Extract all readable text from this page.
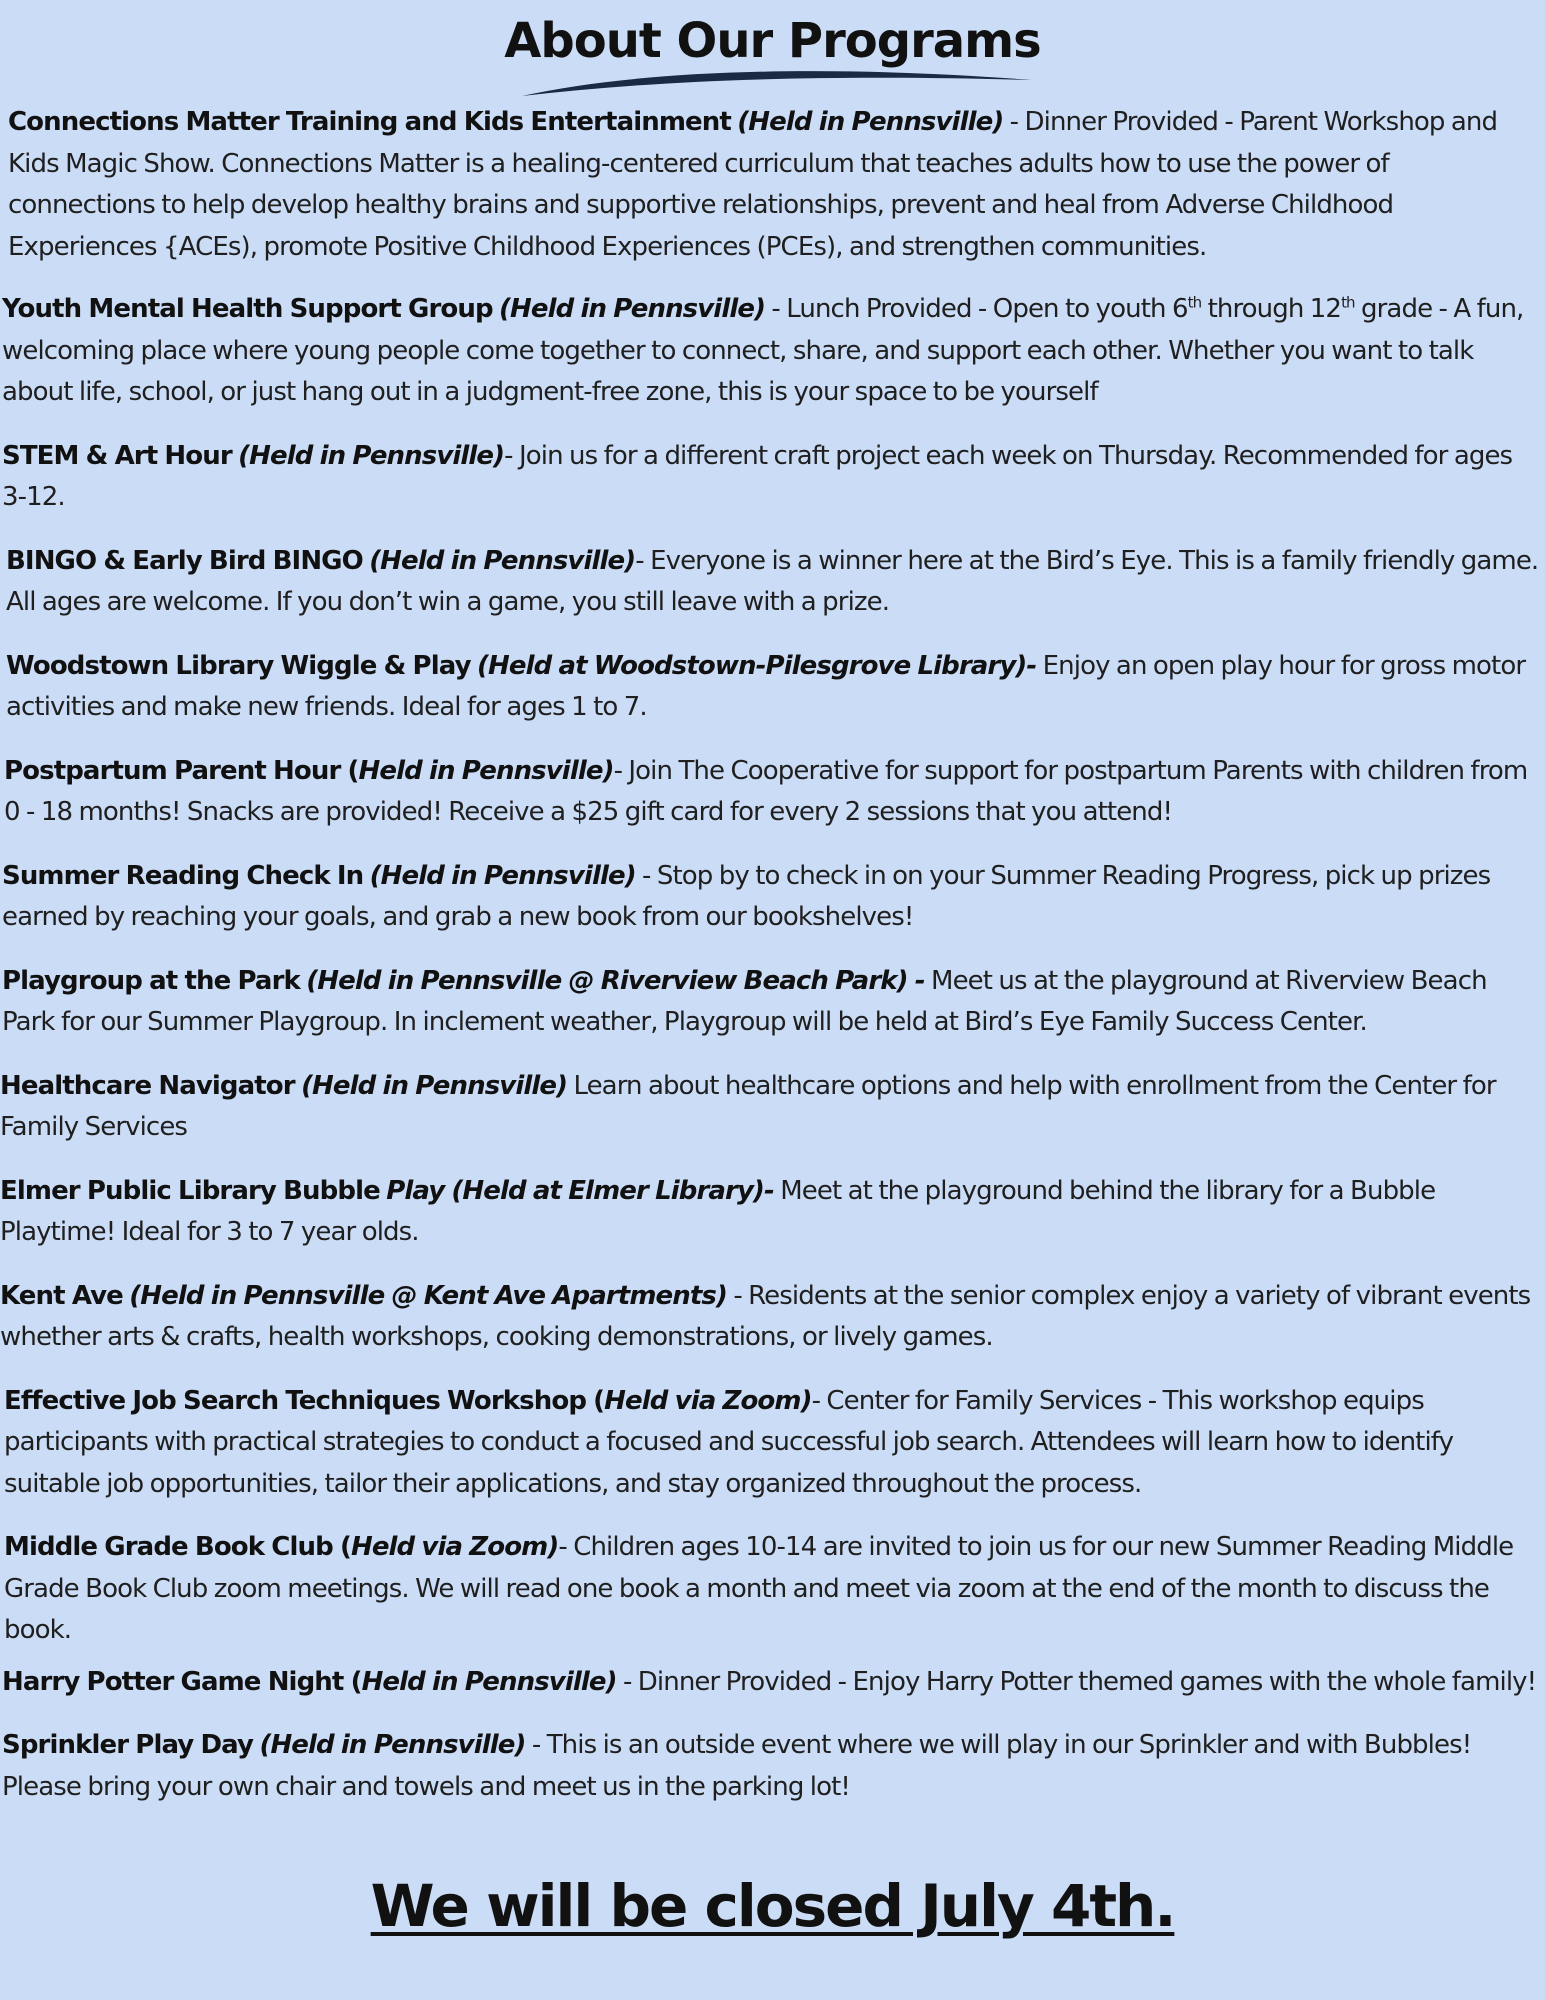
About Our Programs

Connections Matter Training and Kids Entertainment (Held in Pennsville) - Dinner Provided - Parent Workshop and Kids Magic Show. Connections Matter is a healing-centered curriculum that teaches adults how to use the power of connections to help develop healthy brains and supportive relationships, prevent and heal from Adverse Childhood Experiences {ACEs), promote Positive Childhood Experiences (PCEs), and strengthen communities.

Youth Mental Health Support Group (Held in Pennsville) - Lunch Provided - Open to youth 6th through 12th grade - A fun, welcoming place where young people come together to connect, share, and support each other. Whether you want to talk about life, school, or just hang out in a judgment-free zone, this is your space to be yourself

STEM & Art Hour (Held in Pennsville)- Join us for a different craft project each week on Thursday. Recommended for ages 3-12.

BINGO & Early Bird BINGO (Held in Pennsville)- Everyone is a winner here at the Bird’s Eye. This is a family friendly game. All ages are welcome. If you don’t win a game, you still leave with a prize.

Woodstown Library Wiggle & Play (Held at Woodstown-Pilesgrove Library)- Enjoy an open play hour for gross motor activities and make new friends. Ideal for ages 1 to 7.

Postpartum Parent Hour (Held in Pennsville)- Join The Cooperative for support for postpartum Parents with children from 0 - 18 months! Snacks are provided! Receive a $25 gift card for every 2 sessions that you attend!

Summer Reading Check In (Held in Pennsville) - Stop by to check in on your Summer Reading Progress, pick up prizes earned by reaching your goals, and grab a new book from our bookshelves!

Playgroup at the Park (Held in Pennsville @ Riverview Beach Park) - Meet us at the playground at Riverview Beach Park for our Summer Playgroup. In inclement weather, Playgroup will be held at Bird’s Eye Family Success Center.

Healthcare Navigator (Held in Pennsville) Learn about healthcare options and help with enrollment from the Center for Family Services

Elmer Public Library Bubble Play (Held at Elmer Library)- Meet at the playground behind the library for a Bubble Playtime! Ideal for 3 to 7 year olds.

Kent Ave (Held in Pennsville @ Kent Ave Apartments) - Residents at the senior complex enjoy a variety of vibrant events whether arts & crafts, health workshops, cooking demonstrations, or lively games.

Effective Job Search Techniques Workshop (Held via Zoom)- Center for Family Services - This workshop equips participants with practical strategies to conduct a focused and successful job search. Attendees will learn how to identify suitable job opportunities, tailor their applications, and stay organized throughout the process.

Middle Grade Book Club (Held via Zoom)- Children ages 10-14 are invited to join us for our new Summer Reading Middle Grade Book Club zoom meetings. We will read one book a month and meet via zoom at the end of the month to discuss the book.

Harry Potter Game Night (Held in Pennsville) - Dinner Provided - Enjoy Harry Potter themed games with the whole family!

Sprinkler Play Day (Held in Pennsville) - This is an outside event where we will play in our Sprinkler and with Bubbles! Please bring your own chair and towels and meet us in the parking lot!

We will be closed July 4th.
